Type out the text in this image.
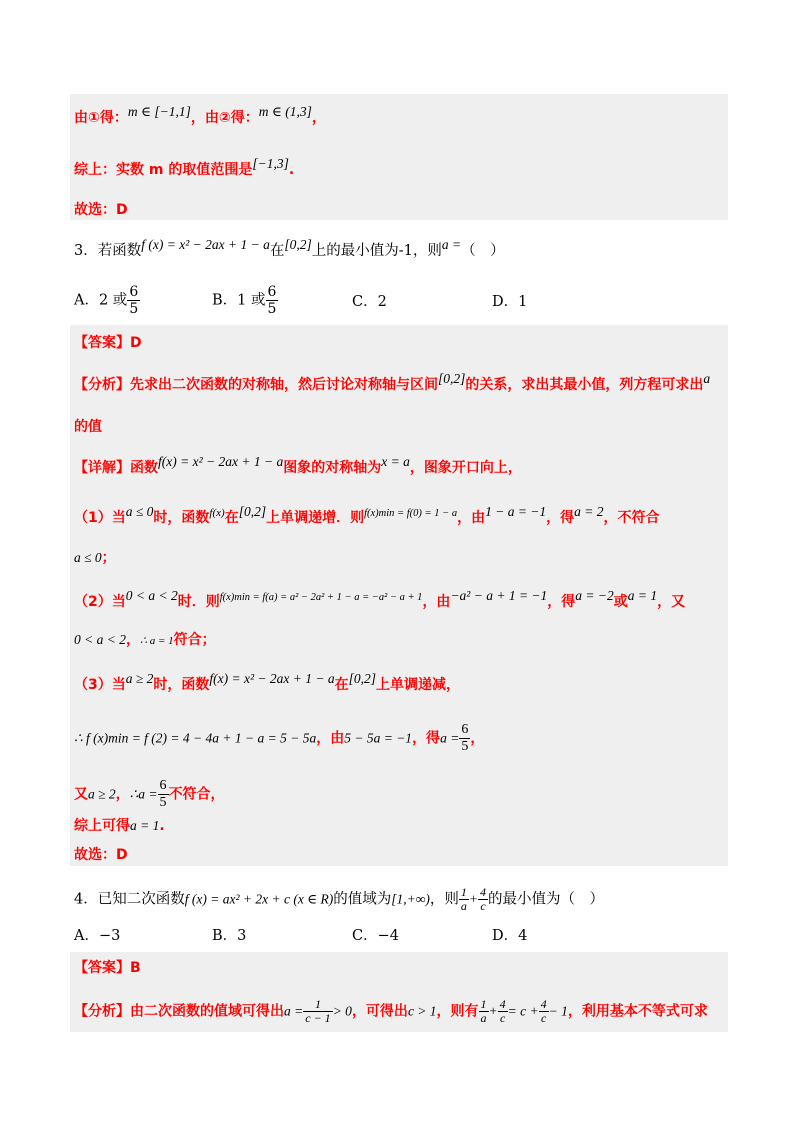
由①得：m ∈ [−1,1]，由②得：m ∈ (1,3]，
综上：实数 m 的取值范围是[−1,3].
故选：D
3．若函数f (x) = x² − 2ax + 1 − a在[0,2]上的最小值为-1，则a =（　）
A．2 或 $\frac{6}{5}$	B．1 或 $\frac{6}{5}$	C．2	D．1
【答案】D
【分析】先求出二次函数的对称轴，然后讨论对称轴与区间[0,2]的关系，求出其最小值，列方程可求出a
的值
【详解】函数f(x) = x² − 2ax + 1 − a图象的对称轴为x = a，图象开口向上，
（1）当a ≤ 0时，函数$^{f(x)}$在[0,2]上单调递增．则$^{f(x)min = f(0) = 1 - a}$，由1 − a = −1，得a = 2，不符合
a ≤ 0；
（2）当0 < a < 2时．则$^{f(x)min = f(a) = a^2 - 2a^2 + 1 - a = -a^2 - a + 1}$，由−a² − a + 1 = −1，得a = −2或a = 1，又
0 < a < 2，∴ a = 1符合；
（3）当a ≥ 2时，函数f(x) = x² − 2ax + 1 − a在[0,2]上单调递减，
∴ f (x)min = f (2) = 4 − 4a + 1 − a = 5 − 5a，由5 − 5a = −1，得$a = \frac{6}{5}$ ，
又a ≥ 2，∴a = $\frac{6}{5}$ 不符合，
综上可得a = 1.
故选：D
4．已知二次函数f (x) = ax² + 2x + c (x ∈ R)的值域为[1,+∞)，则 $\frac{1}{a} + \frac{4}{c}$ 的最小值为（　）
A．−3	B．3	C．−4	D．4
【答案】B
【分析】由二次函数的值域可得出$a = \frac{1}{c - 1} > 0$，可得出c > 1，则有 $\frac{1}{a} + \frac{4}{c} = c + \frac{4}{c} - 1$，利用基本不等式可求
